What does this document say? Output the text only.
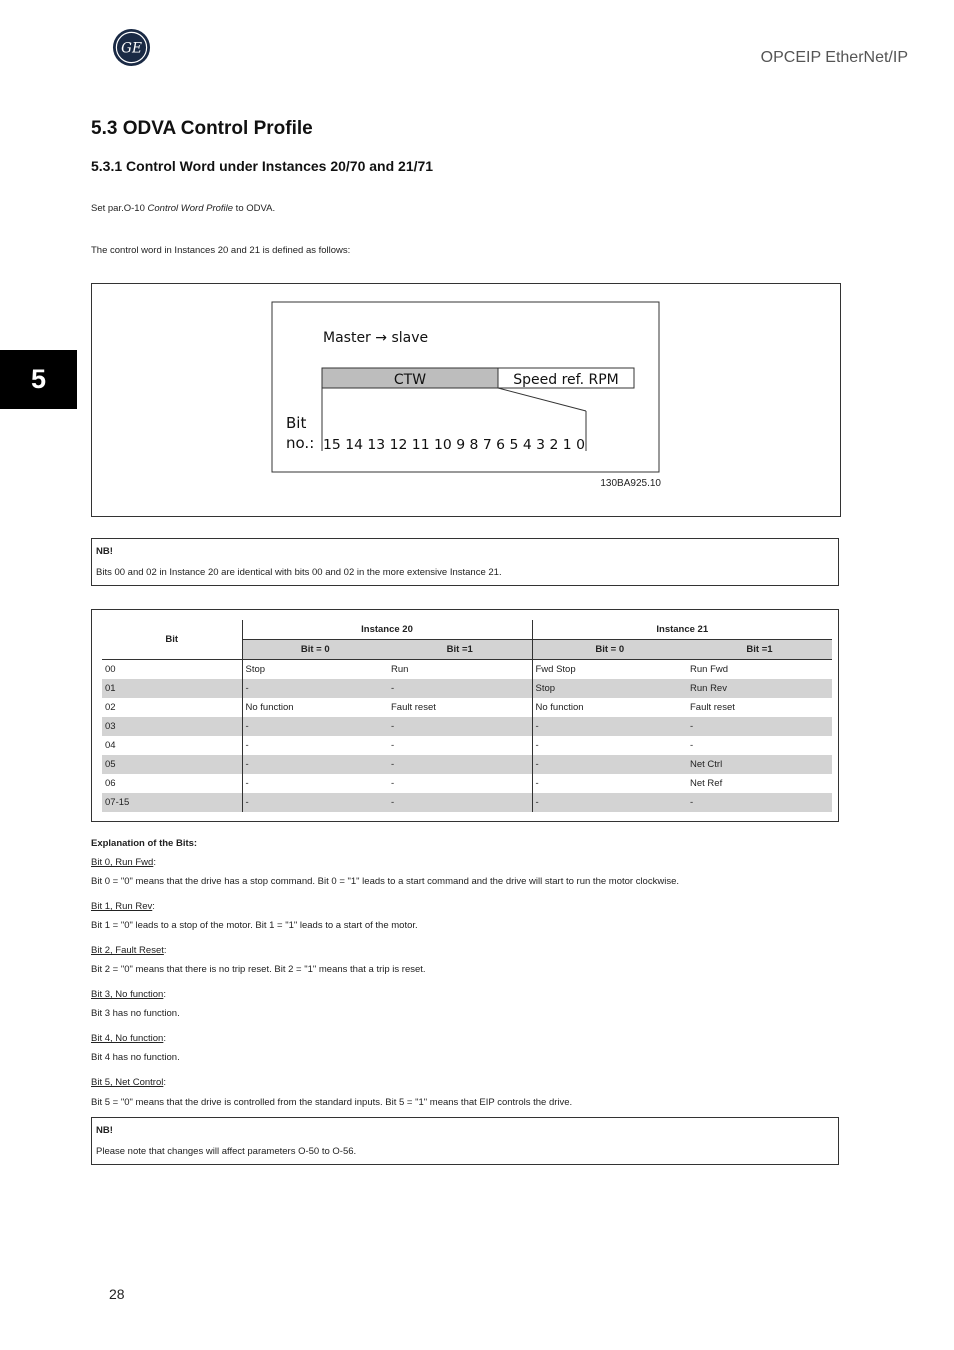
GE
OPCEIP EtherNet/IP
5
5.3 ODVA Control Profile
5.3.1 Control Word under Instances 20/70 and 21/71
Set par.O-10 Control Word Profile to ODVA.
The control word in Instances 20 and 21 is defined as follows:
Master → slave
CTW	Speed ref. RPM
Bit
no.: 15 14 13 12 11 10 9 8 7 6 5 4 3 2 1 0
130BA925.10
NB!
Bits 00 and 02 in Instance 20 are identical with bits 00 and 02 in the more extensive Instance 21.
Bit	Instance 20		Instance 21	
	Bit = 0	Bit =1	Bit = 0	Bit =1
00	Stop	Run	Fwd Stop	Run Fwd
01	-	-	Stop	Run Rev
02	No function	Fault reset	No function	Fault reset
03	-	-	-	-
04	-	-	-	-
05	-	-	-	Net Ctrl
06	-	-	-	Net Ref
07-15	-	-	-	-
Explanation of the Bits:
Bit 0, Run Fwd:
Bit 0 = "0" means that the drive has a stop command. Bit 0 = "1" leads to a start command and the drive will start to run the motor clockwise.
Bit 1, Run Rev:
Bit 1 = "0" leads to a stop of the motor. Bit 1 = "1" leads to a start of the motor.
Bit 2, Fault Reset:
Bit 2 = "0" means that there is no trip reset. Bit 2 = "1" means that a trip is reset.
Bit 3, No function:
Bit 3 has no function.
Bit 4, No function:
Bit 4 has no function.
Bit 5, Net Control:
Bit 5 = "0" means that the drive is controlled from the standard inputs. Bit 5 = "1" means that EIP controls the drive.
NB!
Please note that changes will affect parameters O-50 to O-56.
28
